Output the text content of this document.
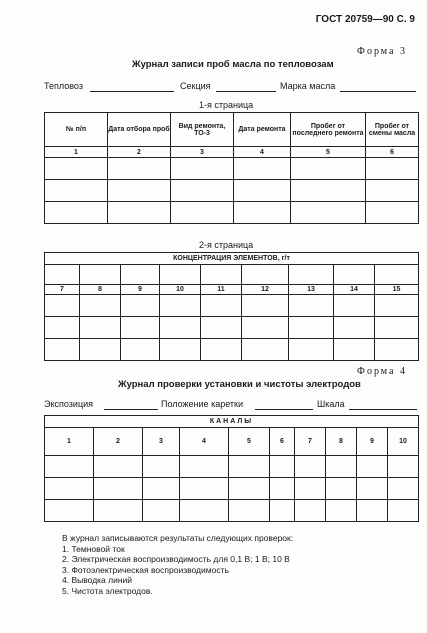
ГОСТ 20759—90 С. 9
Форма 3
Журнал записи проб масла по тепловозам
Тепловоз	Секция	Марка масла
1-я страница
№ п/п	Дата отбора проб	Вид ремонта, ТО-3	Дата ремонта	Пробег от последнего ремонта	Пробег от смены масла
1	2	3	4	5	6

2-я страница
КОНЦЕНТРАЦИЯ ЭЛЕМЕНТОВ, г/т								

7	8	9	10	11	12	13	14	15

Форма 4
Журнал проверки установки и чистоты электродов
Экспозиция	Положение каретки	Шкала
КАНАЛЫ									
1	2	3	4	5	6	7	8	9	10

В журнал записываются результаты следующих проверок:
1. Темновой ток
2. Электрическая воспроизводимость для 0,1 В; 1 В; 10 В
3. Фотоэлектрическая воспроизводимость
4. Выводка линий
5. Чистота электродов.
